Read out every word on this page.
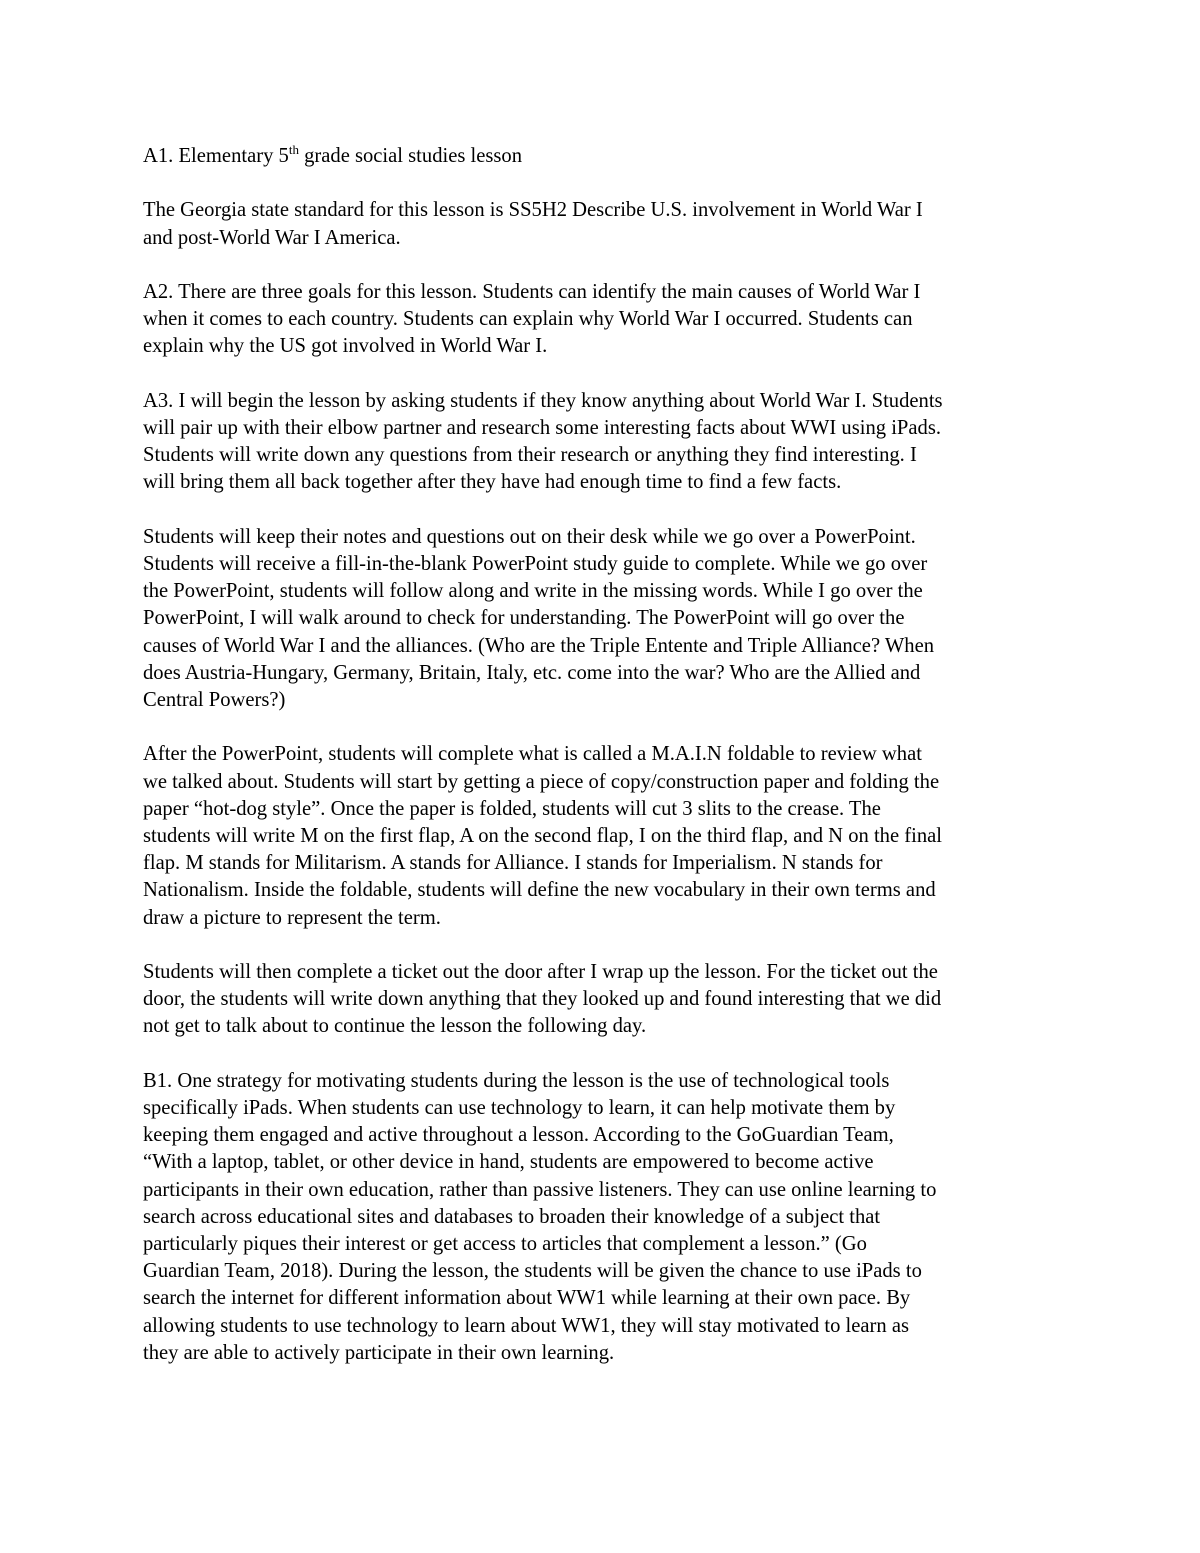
A1. Elementary 5th grade social studies lesson

The Georgia state standard for this lesson is SS5H2 Describe U.S. involvement in World War I
and post-World War I America.

A2. There are three goals for this lesson. Students can identify the main causes of World War I
when it comes to each country. Students can explain why World War I occurred. Students can
explain why the US got involved in World War I.

A3. I will begin the lesson by asking students if they know anything about World War I. Students
will pair up with their elbow partner and research some interesting facts about WWI using iPads.
Students will write down any questions from their research or anything they find interesting. I
will bring them all back together after they have had enough time to find a few facts.

Students will keep their notes and questions out on their desk while we go over a PowerPoint.
Students will receive a fill-in-the-blank PowerPoint study guide to complete. While we go over
the PowerPoint, students will follow along and write in the missing words. While I go over the
PowerPoint, I will walk around to check for understanding. The PowerPoint will go over the
causes of World War I and the alliances. (Who are the Triple Entente and Triple Alliance? When
does Austria-Hungary, Germany, Britain, Italy, etc. come into the war? Who are the Allied and
Central Powers?)

After the PowerPoint, students will complete what is called a M.A.I.N foldable to review what
we talked about. Students will start by getting a piece of copy/construction paper and folding the
paper “hot-dog style”. Once the paper is folded, students will cut 3 slits to the crease. The
students will write M on the first flap, A on the second flap, I on the third flap, and N on the final
flap. M stands for Militarism. A stands for Alliance. I stands for Imperialism. N stands for
Nationalism. Inside the foldable, students will define the new vocabulary in their own terms and
draw a picture to represent the term.

Students will then complete a ticket out the door after I wrap up the lesson. For the ticket out the
door, the students will write down anything that they looked up and found interesting that we did
not get to talk about to continue the lesson the following day.

B1. One strategy for motivating students during the lesson is the use of technological tools
specifically iPads. When students can use technology to learn, it can help motivate them by
keeping them engaged and active throughout a lesson. According to the GoGuardian Team,
“With a laptop, tablet, or other device in hand, students are empowered to become active
participants in their own education, rather than passive listeners. They can use online learning to
search across educational sites and databases to broaden their knowledge of a subject that
particularly piques their interest or get access to articles that complement a lesson.” (Go
Guardian Team, 2018). During the lesson, the students will be given the chance to use iPads to
search the internet for different information about WW1 while learning at their own pace. By
allowing students to use technology to learn about WW1, they will stay motivated to learn as
they are able to actively participate in their own learning.
